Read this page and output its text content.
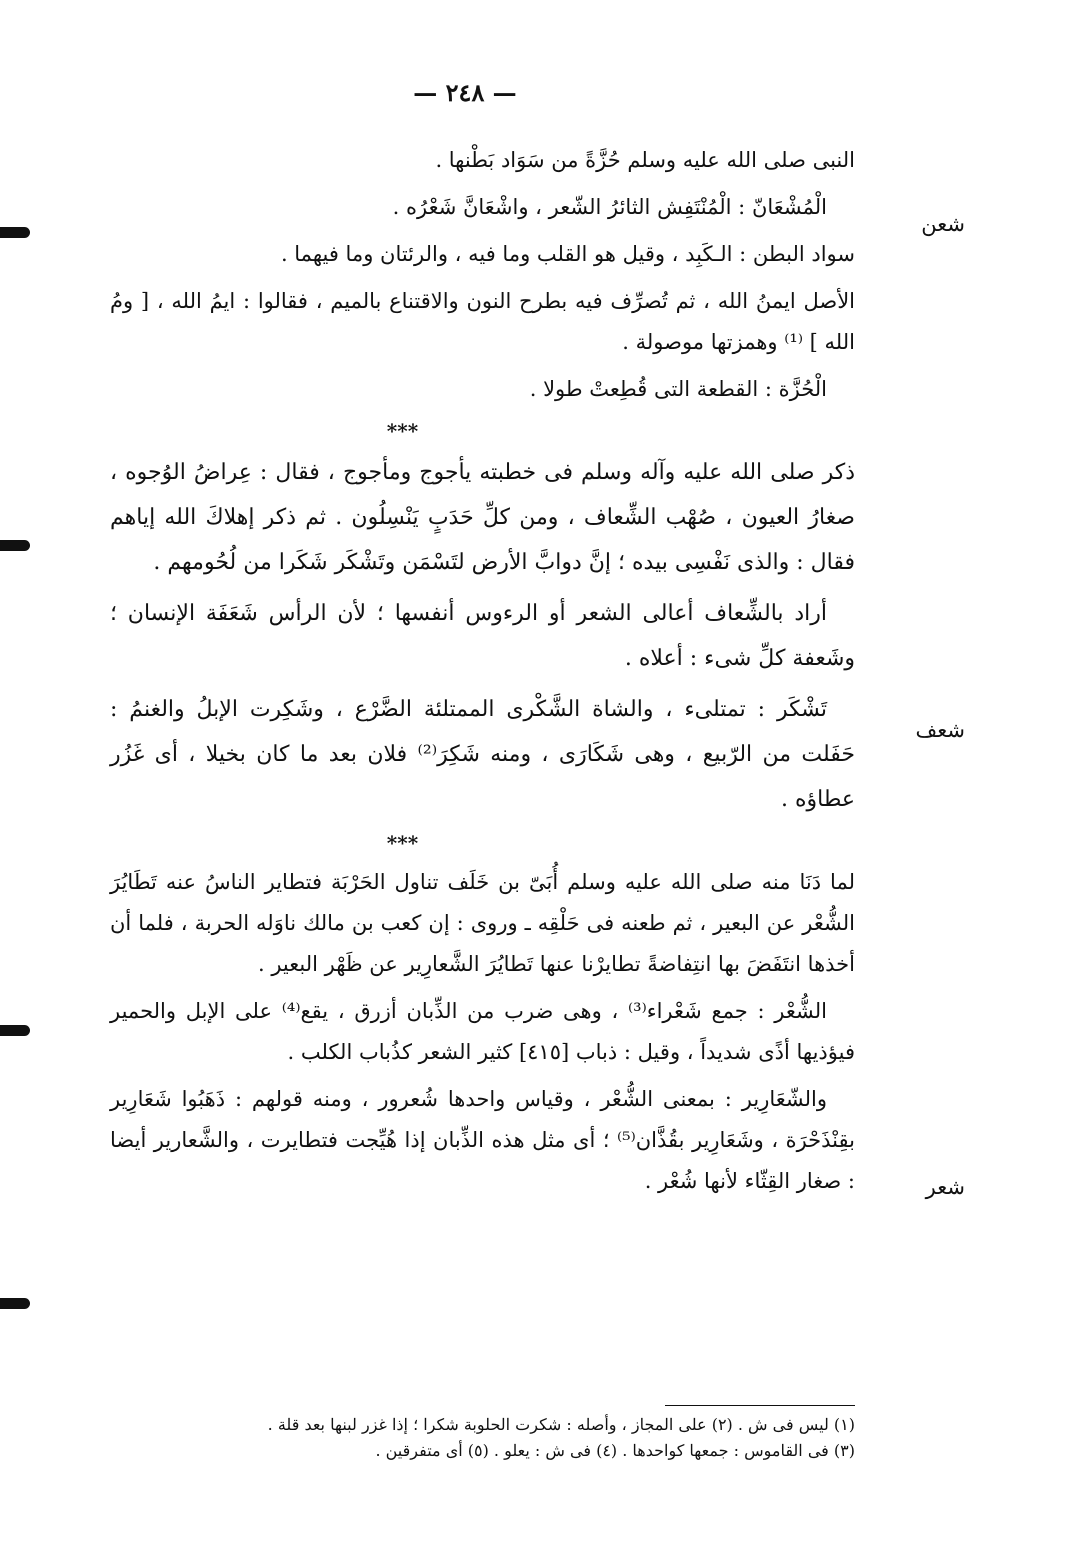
— ٢٤٨ —
شعن
شعف
شعر

النبى صلى الله عليه وسلم حُزَّةً من سَوَاد بَطْنها .

الْمُشْعَانّ : الْمُنْتَفِش الثائرُ الشّعر ، واشْعَانَّ شَعْرُه .

سواد البطن : الـكَبِد ، وقيل هو القلب وما فيه ، والرئتان وما فيهما .

الأصل ايمنُ الله ، ثم تُصرِّف فيه بطرح النون والاقتناع بالميم ، فقالوا : ايمُ الله ، [ ومُ الله ] ⁽¹⁾ وهمزتها موصولة .

الْحُزَّة : القطعة التى قُطِعتْ طولا .

***

ذكر صلى الله عليه وآله وسلم فى خطبته يأجوج ومأجوج ، فقال : عِراضُ الوُجوه ، صغارُ العيون ، صُهْب الشِّعاف ، ومن كلِّ حَدَبٍ يَنْسِلُون . ثم ذكر إهلاكَ الله إياهم فقال : والذى نَفْسِى بيده ؛ إنَّ دوابَّ الأرض لتَسْمَن وتَشْكَر شَكَرا من لُحُومهم .

أراد بالشِّعاف أعالى الشعر أو الرءوس أنفسها ؛ لأن الرأس شَعَفَة الإنسان ؛ وشَعفة كلِّ شىء : أعلاه .

تَشْكَر : تمتلىء ، والشاة الشَّكْرى الممتلئة الضَّرْع ، وشَكِرت الإبلُ والغنمُ : حَفَلت من الرّبيع ، وهى شَكَارَى ، ومنه شَكِرَ⁽²⁾ فلان بعد ما كان بخيلا ، أى غَزُر عطاؤه .

***

لما دَنَا منه صلى الله عليه وسلم أُبَىّ بن خَلَف تناول الحَرْبَة فتطاير الناسُ عنه تَطَايُرَ الشُّعْر عن البعير ، ثم طعنه فى حَلْقِه ـ وروى : إن كعب بن مالك ناوَله الحربة ، فلما أن أخذها انتَفَضَ بها انتِفاضةً تطايرْنا عنها تَطايُرَ الشَّعارِير عن ظَهْر البعير .

الشُّعْر : جمع شَعْراء⁽³⁾ ، وهى ضرب من الذِّبان أزرق ، يقع⁽⁴⁾ على الإبل والحمير فيؤذيها أذًى شديداً ، وقيل : ذباب [٤١٥] كثير الشعر كذُباب الكلب .

والشّعَارِير : بمعنى الشُّعْر ، وقياس واحدها شُعرور ، ومنه قولهم : ذَهَبُوا شَعَارِير بقِنْذَحْرَة ، وشَعَارِير بقُذَّان⁽⁵⁾ ؛ أى مثل هذه الذِّبان إذا هُيِّجت فتطايرت ، والشَّعارير أيضا : صغار القِثّاء لأنها شُعْر .

(١) ليس فى ش . (٢) على المجاز ، وأصله : شكرت الحلوبة شكرا ؛ إذا غزر لبنها بعد قلة .
(٣) فى القاموس : جمعها كواحدها . (٤) فى ش : يعلو . (٥) أى متفرقين .
